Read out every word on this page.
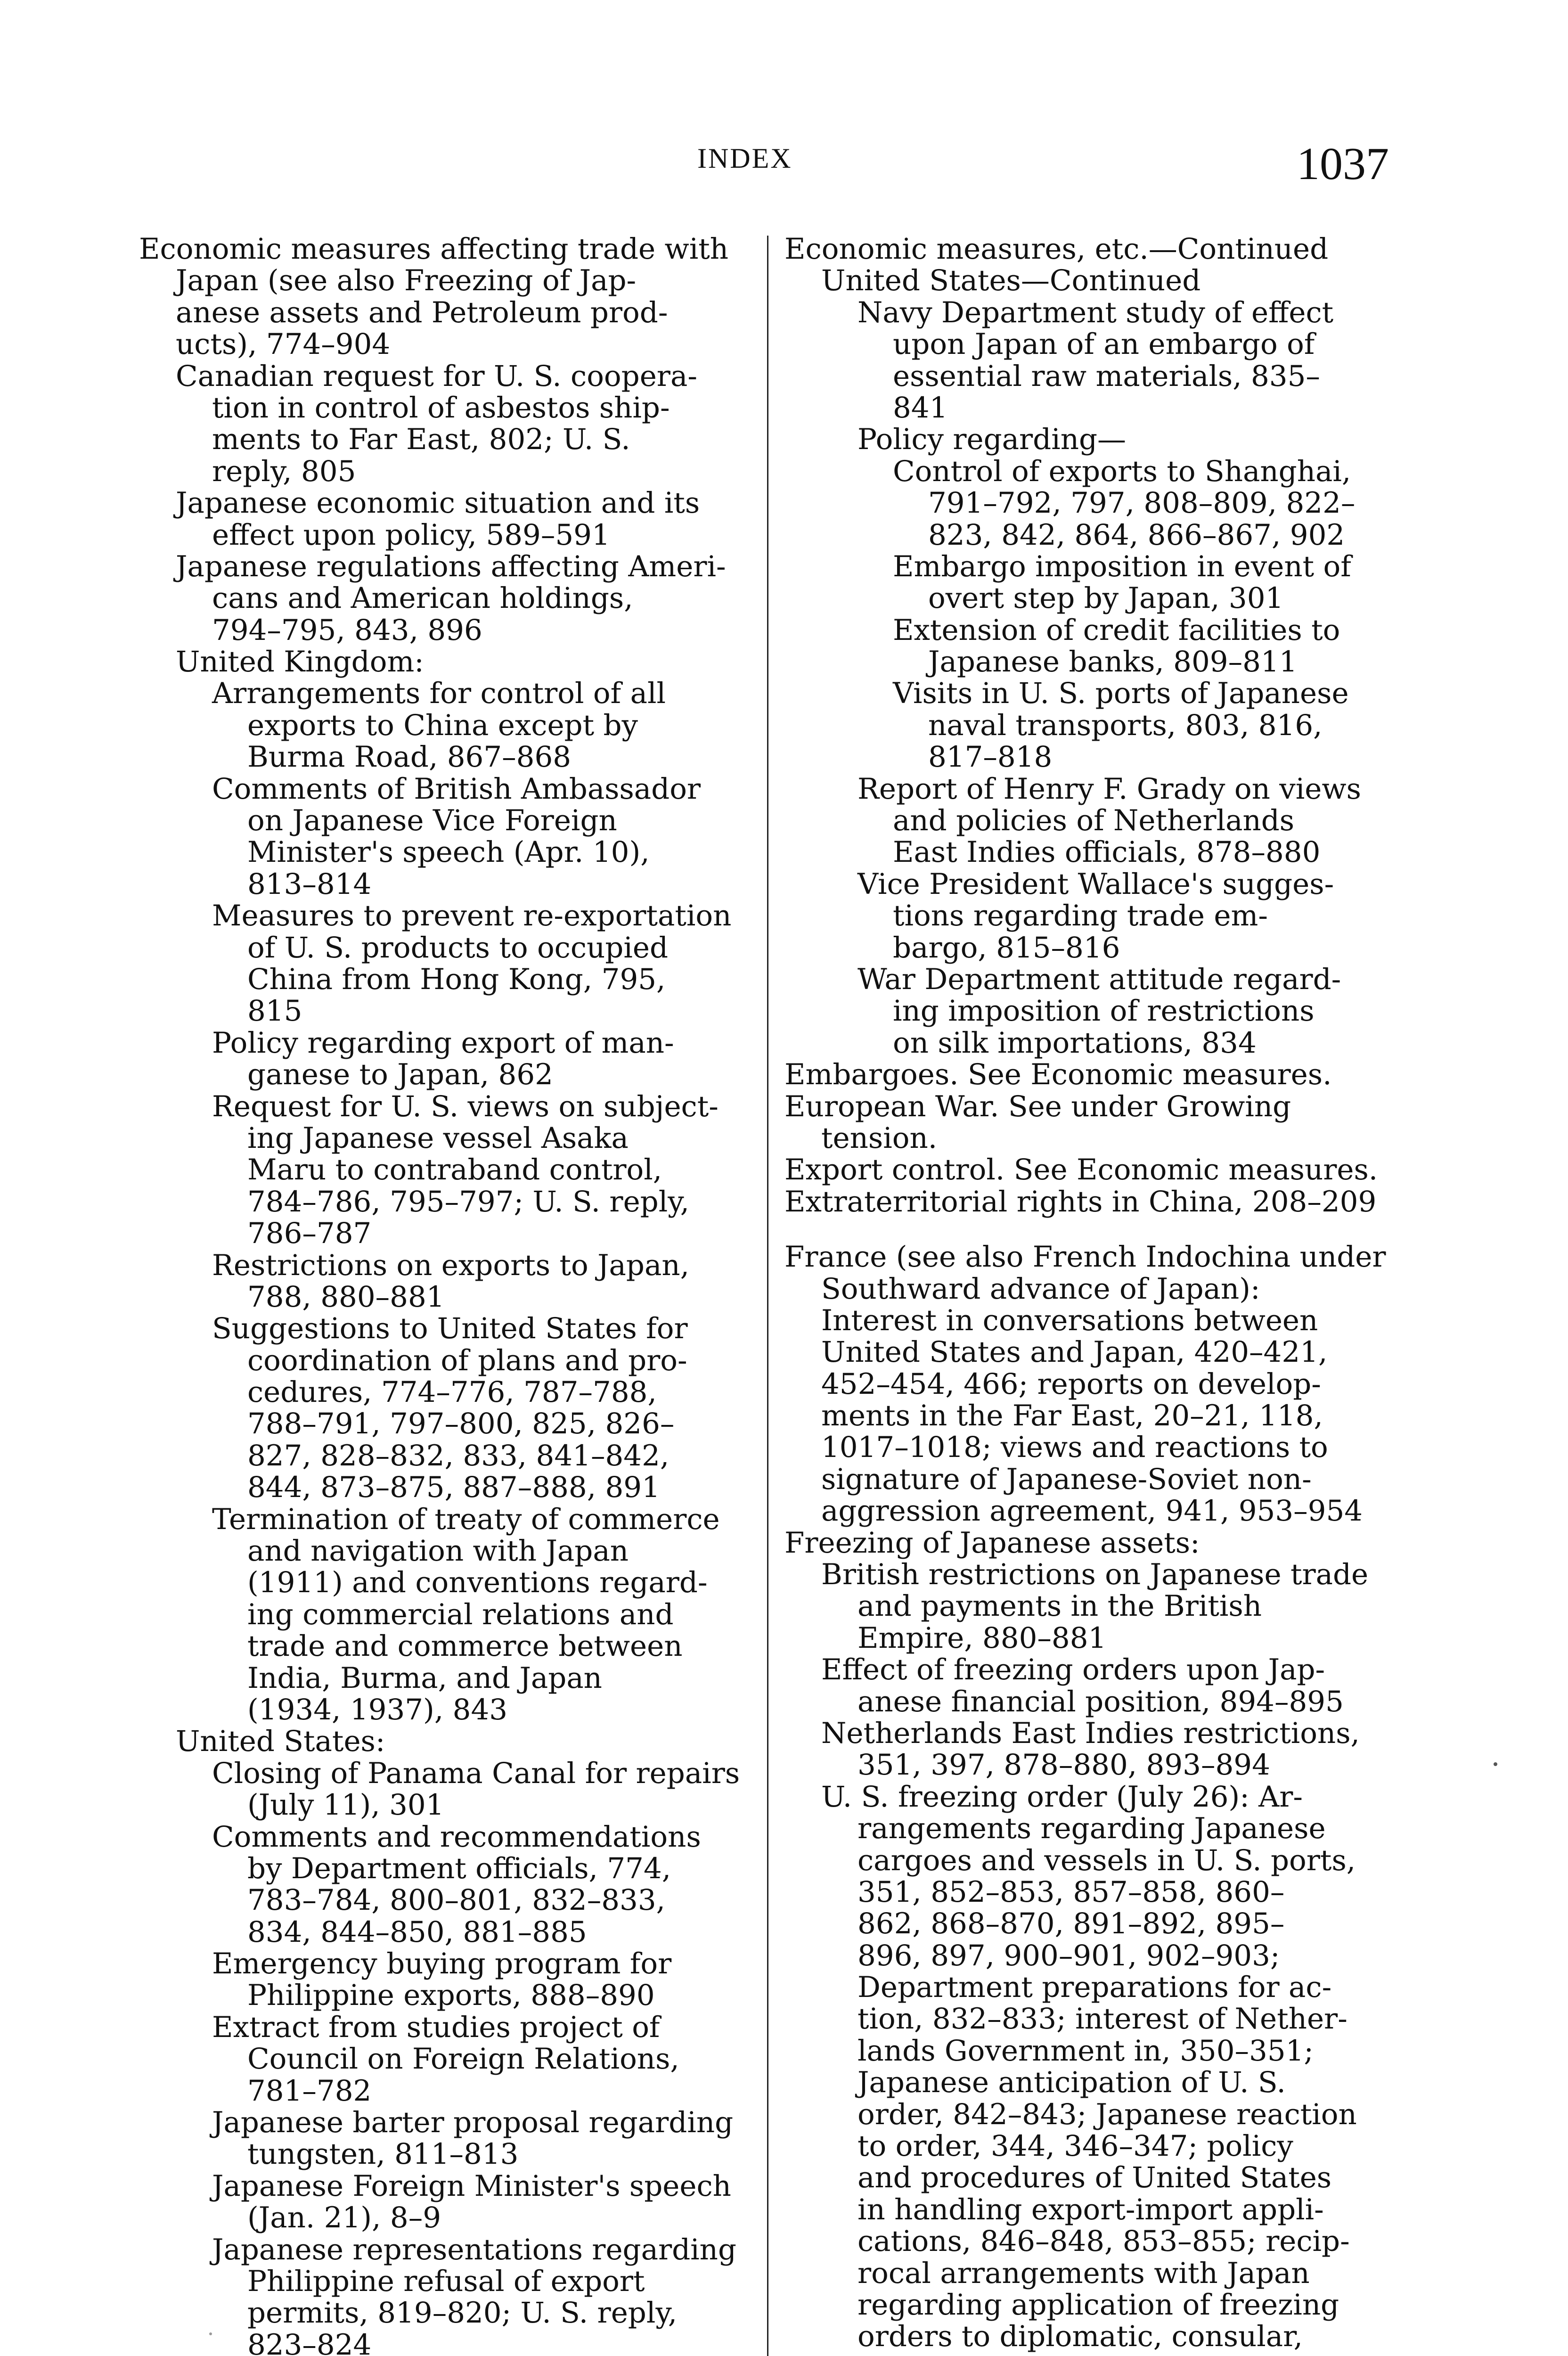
INDEX	1037
Economic measures affecting trade with
Japan (see also Freezing of Jap-
anese assets and Petroleum prod-
ucts), 774–904
Canadian request for U. S. coopera-
tion in control of asbestos ship-
ments to Far East, 802; U. S.
reply, 805
Japanese economic situation and its
effect upon policy, 589–591
Japanese regulations affecting Ameri-
cans and American holdings,
794–795, 843, 896
United Kingdom:
Arrangements for control of all
exports to China except by
Burma Road, 867–868
Comments of British Ambassador
on Japanese Vice Foreign
Minister's speech (Apr. 10),
813–814
Measures to prevent re-exportation
of U. S. products to occupied
China from Hong Kong, 795,
815
Policy regarding export of man-
ganese to Japan, 862
Request for U. S. views on subject-
ing Japanese vessel Asaka
Maru to contraband control,
784–786, 795–797; U. S. reply,
786–787
Restrictions on exports to Japan,
788, 880–881
Suggestions to United States for
coordination of plans and pro-
cedures, 774–776, 787–788,
788–791, 797–800, 825, 826–
827, 828–832, 833, 841–842,
844, 873–875, 887–888, 891
Termination of treaty of commerce
and navigation with Japan
(1911) and conventions regard-
ing commercial relations and
trade and commerce between
India, Burma, and Japan
(1934, 1937), 843
United States:
Closing of Panama Canal for repairs
(July 11), 301
Comments and recommendations
by Department officials, 774,
783–784, 800–801, 832–833,
834, 844–850, 881–885
Emergency buying program for
Philippine exports, 888–890
Extract from studies project of
Council on Foreign Relations,
781–782
Japanese barter proposal regarding
tungsten, 811–813
Japanese Foreign Minister's speech
(Jan. 21), 8–9
Japanese representations regarding
Philippine refusal of export
permits, 819–820; U. S. reply,
823–824
Economic measures, etc.—Continued
United States—Continued
Navy Department study of effect
upon Japan of an embargo of
essential raw materials, 835–
841
Policy regarding—
Control of exports to Shanghai,
791–792, 797, 808–809, 822–
823, 842, 864, 866–867, 902
Embargo imposition in event of
overt step by Japan, 301
Extension of credit facilities to
Japanese banks, 809–811
Visits in U. S. ports of Japanese
naval transports, 803, 816,
817–818
Report of Henry F. Grady on views
and policies of Netherlands
East Indies officials, 878–880
Vice President Wallace's sugges-
tions regarding trade em-
bargo, 815–816
War Department attitude regard-
ing imposition of restrictions
on silk importations, 834
Embargoes. See Economic measures.
European War. See under Growing
tension.
Export control. See Economic measures.
Extraterritorial rights in China, 208–209
France (see also French Indochina under
Southward advance of Japan):
Interest in conversations between
United States and Japan, 420–421,
452–454, 466; reports on develop-
ments in the Far East, 20–21, 118,
1017–1018; views and reactions to
signature of Japanese-Soviet non-
aggression agreement, 941, 953–954
Freezing of Japanese assets:
British restrictions on Japanese trade
and payments in the British
Empire, 880–881
Effect of freezing orders upon Jap-
anese financial position, 894–895
Netherlands East Indies restrictions,
351, 397, 878–880, 893–894
U. S. freezing order (July 26): Ar-
rangements regarding Japanese
cargoes and vessels in U. S. ports,
351, 852–853, 857–858, 860–
862, 868–870, 891–892, 895–
896, 897, 900–901, 902–903;
Department preparations for ac-
tion, 832–833; interest of Nether-
lands Government in, 350–351;
Japanese anticipation of U. S.
order, 842–843; Japanese reaction
to order, 344, 346–347; policy
and procedures of United States
in handling export-import appli-
cations, 846–848, 853–855; recip-
rocal arrangements with Japan
regarding application of freezing
orders to diplomatic, consular,
